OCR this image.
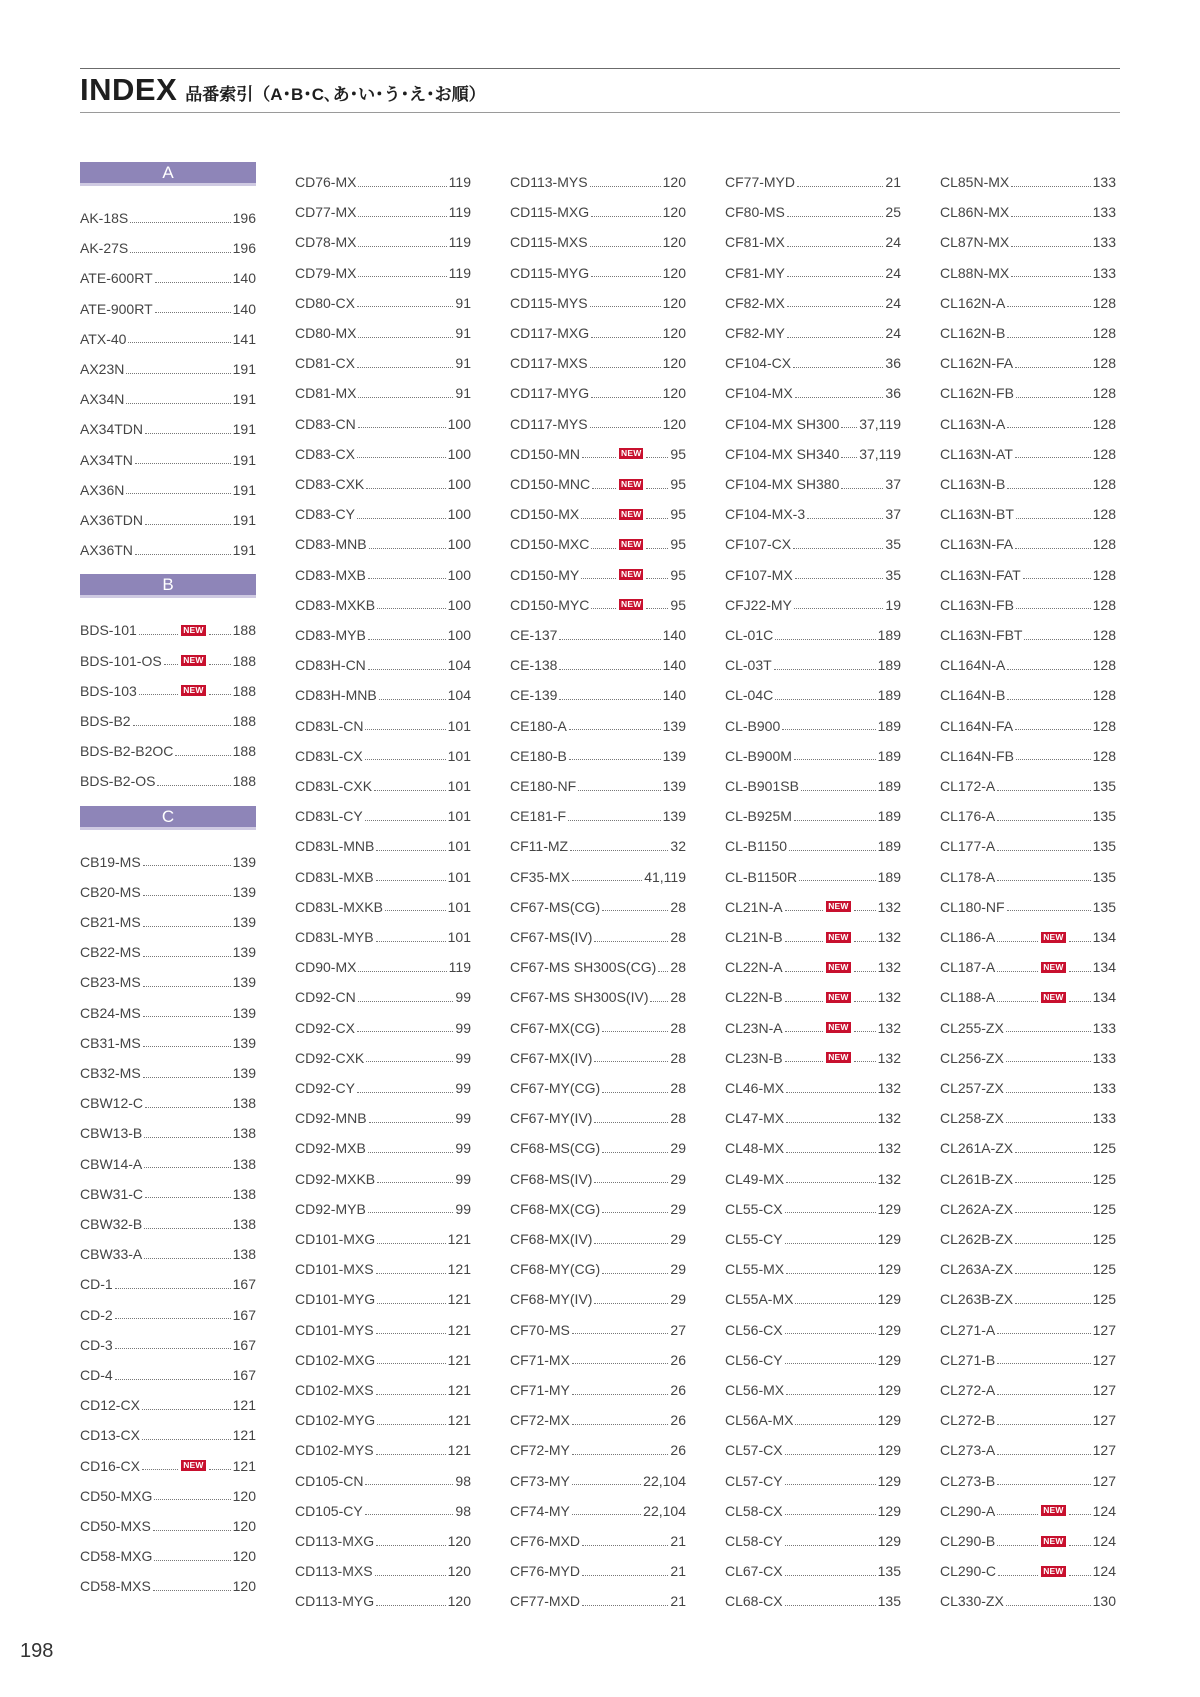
INDEX 品番索引（A･B･C､あ･い･う･え･お順）
A
AK-18S	196
AK-27S	196
ATE-600RT	140
ATE-900RT	140
ATX-40	141
AX23N	191
AX34N	191
AX34TDN	191
AX34TN	191
AX36N	191
AX36TDN	191
AX36TN	191
B
BDS-101	NEW 188
BDS-101-OS	NEW 188
BDS-103	NEW 188
BDS-B2	188
BDS-B2-B2OC	188
BDS-B2-OS	188
C
CB19-MS	139
CB20-MS	139
CB21-MS	139
CB22-MS	139
CB23-MS	139
CB24-MS	139
CB31-MS	139
CB32-MS	139
CBW12-C	138
CBW13-B	138
CBW14-A	138
CBW31-C	138
CBW32-B	138
CBW33-A	138
CD-1	167
CD-2	167
CD-3	167
CD-4	167
CD12-CX	121
CD13-CX	121
CD16-CX	NEW 121
CD50-MXG	120
CD50-MXS	120
CD58-MXG	120
CD58-MXS	120
CD76-MX	119
CD77-MX	119
CD78-MX	119
CD79-MX	119
CD80-CX	91
CD80-MX	91
CD81-CX	91
CD81-MX	91
CD83-CN	100
CD83-CX	100
CD83-CXK	100
CD83-CY	100
CD83-MNB	100
CD83-MXB	100
CD83-MXKB	100
CD83-MYB	100
CD83H-CN	104
CD83H-MNB	104
CD83L-CN	101
CD83L-CX	101
CD83L-CXK	101
CD83L-CY	101
CD83L-MNB	101
CD83L-MXB	101
CD83L-MXKB	101
CD83L-MYB	101
CD90-MX	119
CD92-CN	99
CD92-CX	99
CD92-CXK	99
CD92-CY	99
CD92-MNB	99
CD92-MXB	99
CD92-MXKB	99
CD92-MYB	99
CD101-MXG	121
CD101-MXS	121
CD101-MYG	121
CD101-MYS	121
CD102-MXG	121
CD102-MXS	121
CD102-MYG	121
CD102-MYS	121
CD105-CN	98
CD105-CY	98
CD113-MXG	120
CD113-MXS	120
CD113-MYG	120
CD113-MYS	120
CD115-MXG	120
CD115-MXS	120
CD115-MYG	120
CD115-MYS	120
CD117-MXG	120
CD117-MXS	120
CD117-MYG	120
CD117-MYS	120
CD150-MN	NEW 95
CD150-MNC	NEW 95
CD150-MX	NEW 95
CD150-MXC	NEW 95
CD150-MY	NEW 95
CD150-MYC	NEW 95
CE-137	140
CE-138	140
CE-139	140
CE180-A	139
CE180-B	139
CE180-NF	139
CE181-F	139
CF11-MZ	32
CF35-MX	41,119
CF67-MS(CG)	28
CF67-MS(IV)	28
CF67-MS SH300S(CG) 28
CF67-MS SH300S(IV) 28
CF67-MX(CG)	28
CF67-MX(IV)	28
CF67-MY(CG)	28
CF67-MY(IV)	28
CF68-MS(CG)	29
CF68-MS(IV)	29
CF68-MX(CG)	29
CF68-MX(IV)	29
CF68-MY(CG)	29
CF68-MY(IV)	29
CF70-MS	27
CF71-MX	26
CF71-MY	26
CF72-MX	26
CF72-MY	26
CF73-MY	22,104
CF74-MY	22,104
CF76-MXD	21
CF76-MYD	21
CF77-MXD	21
CF77-MYD	21
CF80-MS	25
CF81-MX	24
CF81-MY	24
CF82-MX	24
CF82-MY	24
CF104-CX	36
CF104-MX	36
CF104-MX SH300 37,119
CF104-MX SH340 37,119
CF104-MX SH380	37
CF104-MX-3	37
CF107-CX	35
CF107-MX	35
CFJ22-MY	19
CL-01C	189
CL-03T	189
CL-04C	189
CL-B900	189
CL-B900M	189
CL-B901SB	189
CL-B925M	189
CL-B1150	189
CL-B1150R	189
CL21N-A	NEW 132
CL21N-B	NEW 132
CL22N-A	NEW 132
CL22N-B	NEW 132
CL23N-A	NEW 132
CL23N-B	NEW 132
CL46-MX	132
CL47-MX	132
CL48-MX	132
CL49-MX	132
CL55-CX	129
CL55-CY	129
CL55-MX	129
CL55A-MX	129
CL56-CX	129
CL56-CY	129
CL56-MX	129
CL56A-MX	129
CL57-CX	129
CL57-CY	129
CL58-CX	129
CL58-CY	129
CL67-CX	135
CL68-CX	135
CL85N-MX	133
CL86N-MX	133
CL87N-MX	133
CL88N-MX	133
CL162N-A	128
CL162N-B	128
CL162N-FA	128
CL162N-FB	128
CL163N-A	128
CL163N-AT	128
CL163N-B	128
CL163N-BT	128
CL163N-FA	128
CL163N-FAT	128
CL163N-FB	128
CL163N-FBT	128
CL164N-A	128
CL164N-B	128
CL164N-FA	128
CL164N-FB	128
CL172-A	135
CL176-A	135
CL177-A	135
CL178-A	135
CL180-NF	135
CL186-A	NEW 134
CL187-A	NEW 134
CL188-A	NEW 134
CL255-ZX	133
CL256-ZX	133
CL257-ZX	133
CL258-ZX	133
CL261A-ZX	125
CL261B-ZX	125
CL262A-ZX	125
CL262B-ZX	125
CL263A-ZX	125
CL263B-ZX	125
CL271-A	127
CL271-B	127
CL272-A	127
CL272-B	127
CL273-A	127
CL273-B	127
CL290-A	NEW 124
CL290-B	NEW 124
CL290-C	NEW 124
CL330-ZX	130
198
